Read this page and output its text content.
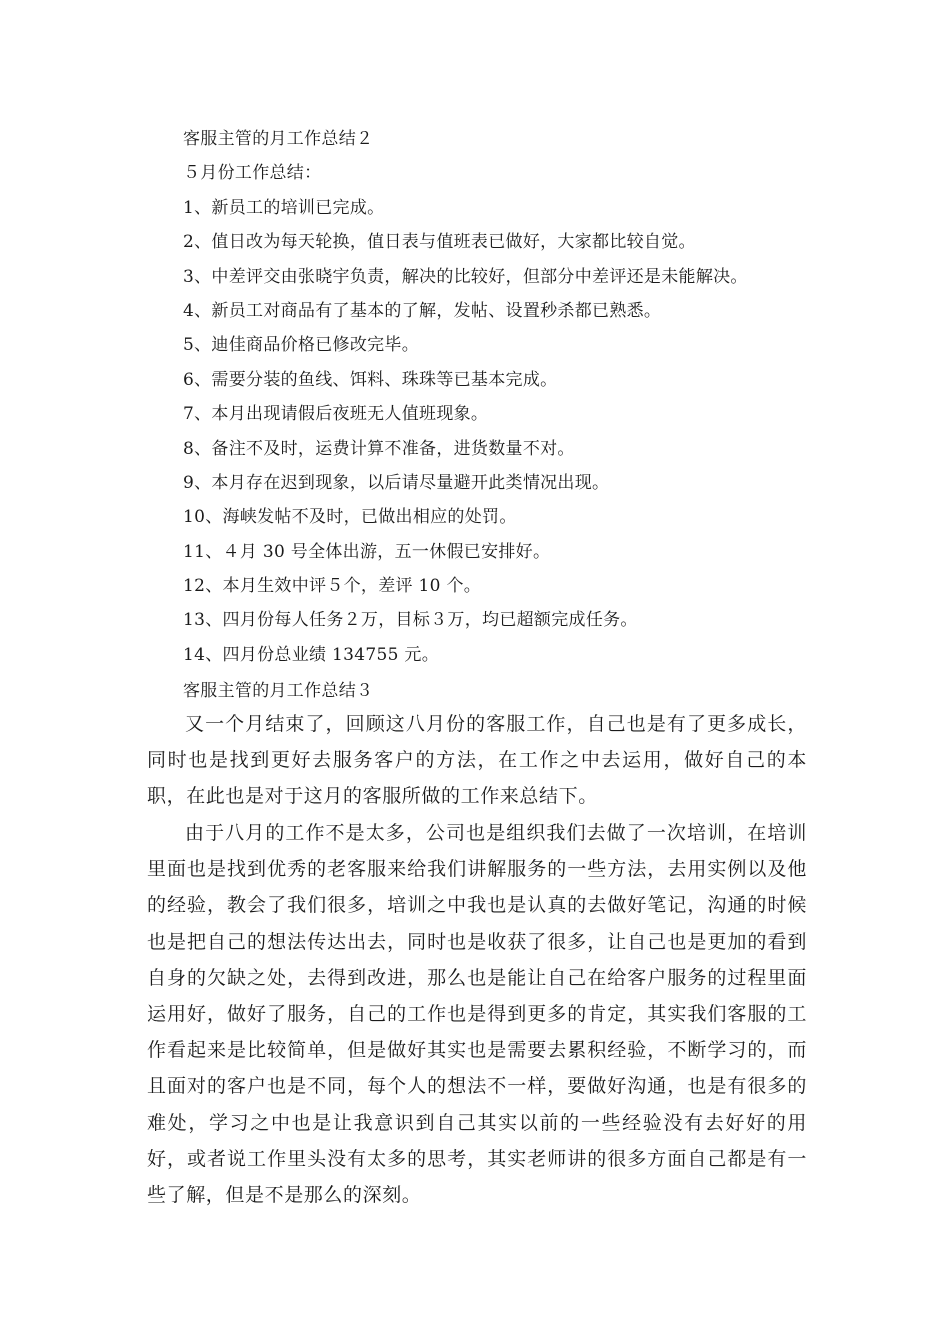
客服主管的月工作总结２
５月份工作总结：
1、新员工的培训已完成。
2、值日改为每天轮换，值日表与值班表已做好，大家都比较自觉。
3、中差评交由张晓宇负责，解决的比较好，但部分中差评还是未能解决。
4、新员工对商品有了基本的了解，发帖、设置秒杀都已熟悉。
5、迪佳商品价格已修改完毕。
6、需要分装的鱼线、饵料、珠珠等已基本完成。
7、本月出现请假后夜班无人值班现象。
8、备注不及时，运费计算不准备，进货数量不对。
9、本月存在迟到现象，以后请尽量避开此类情况出现。
10、海峡发帖不及时，已做出相应的处罚。
11、４月 30 号全体出游，五一休假已安排好。
12、本月生效中评５个，差评 10 个。
13、四月份每人任务２万，目标３万，均已超额完成任务。
14、四月份总业绩 134755 元。
客服主管的月工作总结３

又一个月结束了，回顾这八月份的客服工作，自己也是有了更多成长，同时也是找到更好去服务客户的方法，在工作之中去运用，做好自己的本职，在此也是对于这月的客服所做的工作来总结下。

由于八月的工作不是太多，公司也是组织我们去做了一次培训，在培训里面也是找到优秀的老客服来给我们讲解服务的一些方法，去用实例以及他的经验，教会了我们很多，培训之中我也是认真的去做好笔记，沟通的时候也是把自己的想法传达出去，同时也是收获了很多，让自己也是更加的看到自身的欠缺之处，去得到改进，那么也是能让自己在给客户服务的过程里面运用好，做好了服务，自己的工作也是得到更多的肯定，其实我们客服的工作看起来是比较简单，但是做好其实也是需要去累积经验，不断学习的，而且面对的客户也是不同，每个人的想法不一样，要做好沟通，也是有很多的难处，学习之中也是让我意识到自己其实以前的一些经验没有去好好的用好，或者说工作里头没有太多的思考，其实老师讲的很多方面自己都是有一些了解，但是不是那么的深刻。
